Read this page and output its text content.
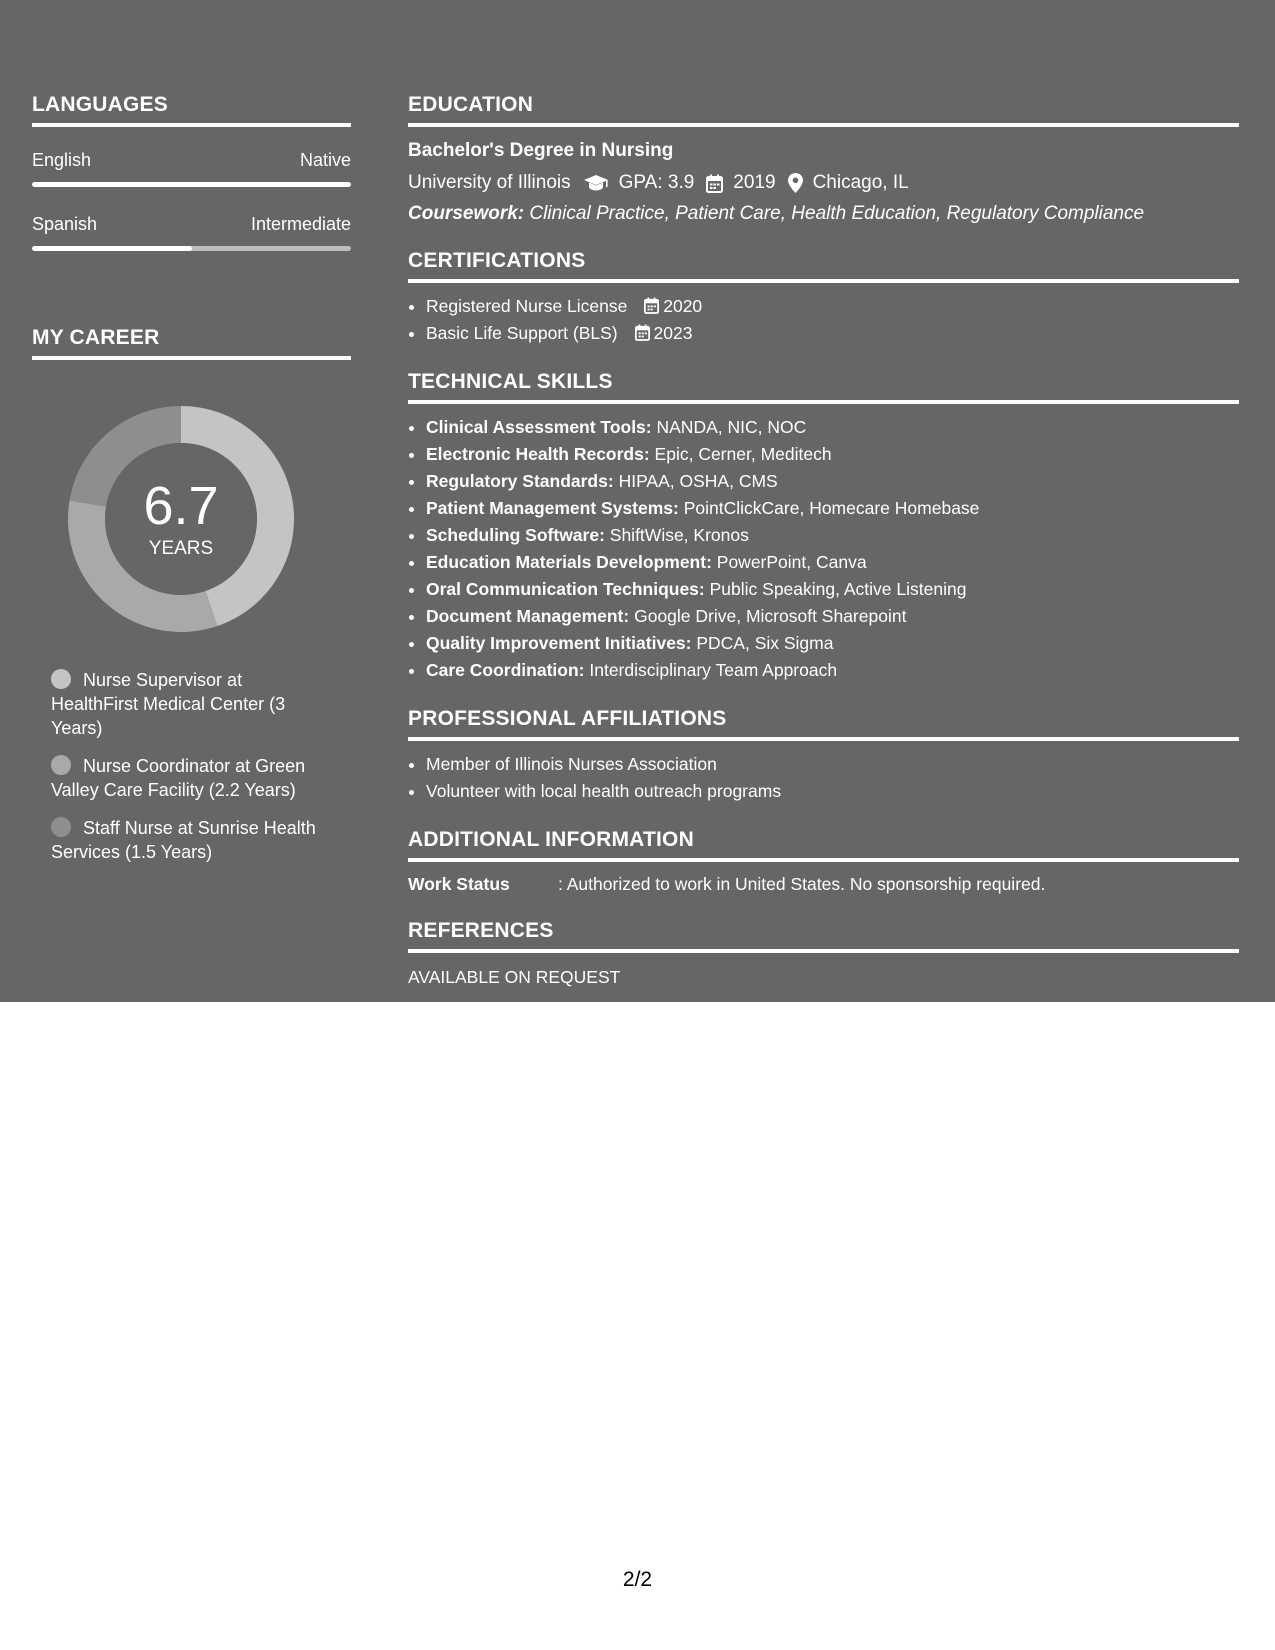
LANGUAGES
English	Native
Spanish	Intermediate
MY CAREER
6.7
YEARS
Nurse Supervisor at HealthFirst Medical Center (3 Years)
Nurse Coordinator at Green Valley Care Facility (2.2 Years)
Staff Nurse at Sunrise Health Services (1.5 Years)
EDUCATION
Bachelor's Degree in Nursing
University of Illinois	GPA: 3.9 2019 Chicago, IL
Coursework: Clinical Practice, Patient Care, Health Education, Regulatory Compliance
CERTIFICATIONS
• Registered Nurse License 2020
• Basic Life Support (BLS) 2023
TECHNICAL SKILLS
• Clinical Assessment Tools: NANDA, NIC, NOC
• Electronic Health Records: Epic, Cerner, Meditech
• Regulatory Standards: HIPAA, OSHA, CMS
• Patient Management Systems: PointClickCare, Homecare Homebase
• Scheduling Software: ShiftWise, Kronos
• Education Materials Development: PowerPoint, Canva
• Oral Communication Techniques: Public Speaking, Active Listening
• Document Management: Google Drive, Microsoft Sharepoint
• Quality Improvement Initiatives: PDCA, Six Sigma
• Care Coordination: Interdisciplinary Team Approach
PROFESSIONAL AFFILIATIONS
• Member of Illinois Nurses Association
• Volunteer with local health outreach programs
ADDITIONAL INFORMATION
Work Status	: Authorized to work in United States. No sponsorship required.
REFERENCES
AVAILABLE ON REQUEST
2/2
